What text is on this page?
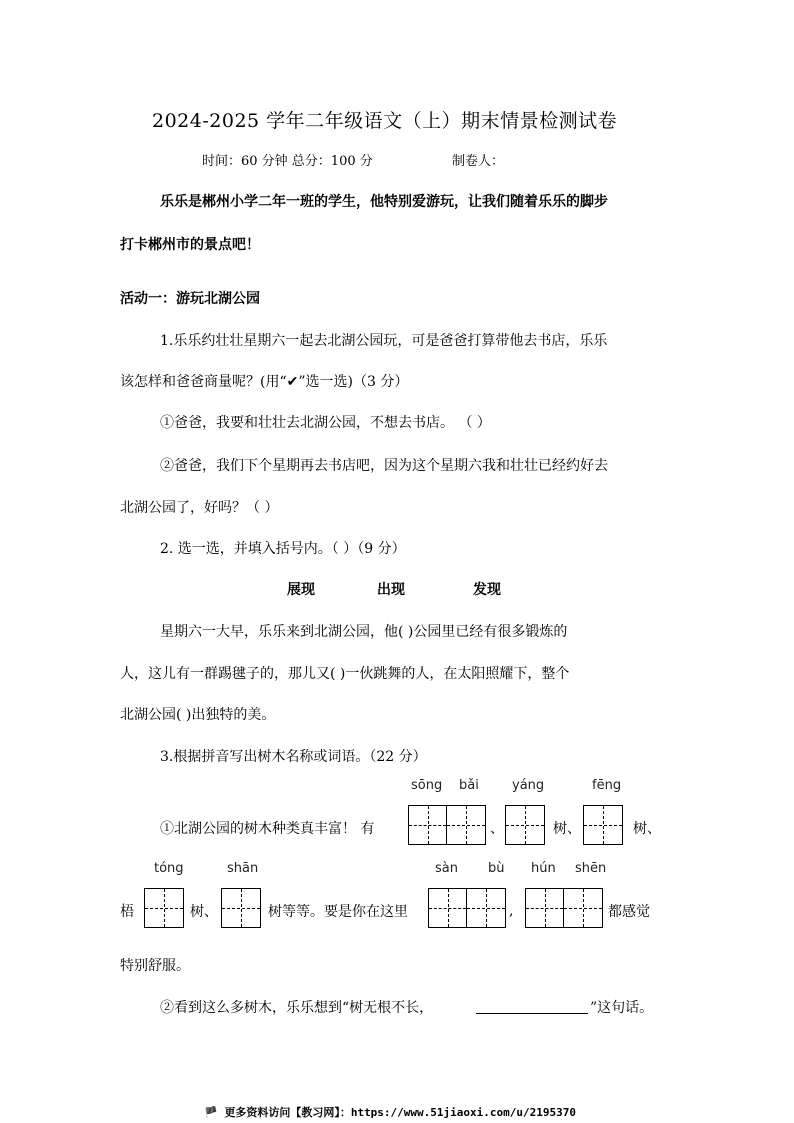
2024-2025 学年二年级语文（上）期末情景检测试卷
时间：60 分钟 总分：100 分	制卷人：
乐乐是郴州小学二年一班的学生，他特别爱游玩，让我们随着乐乐的脚步
打卡郴州市的景点吧！
活动一：游玩北湖公园
1.乐乐约壮壮星期六一起去北湖公园玩，可是爸爸打算带他去书店，乐乐
该怎样和爸爸商量呢？(用“✔”选一选)（3 分）
①爸爸，我要和壮壮去北湖公园，不想去书店。 （ ）
②爸爸，我们下个星期再去书店吧，因为这个星期六我和壮壮已经约好去
北湖公园了，好吗？（ ）
2. 选一选，并填入括号内。（ ）（9 分）
展现	出现	发现
星期六一大早，乐乐来到北湖公园，他( )公园里已经有很多锻炼的
人，这儿有一群踢毽子的，那儿又( )一伙跳舞的人，在太阳照耀下，整个
北湖公园( )出独特的美。
3.根据拼音写出树木名称或词语。（22 分）
sōng bǎi	yáng	fēng
①北湖公园的树木种类真丰富！ 有	、	树、	树、
tóng	shān	sàn bù hún shēn
梧	树、	树等等。要是你在这里	,	都感觉
特别舒服。
②看到这么多树木，乐乐想到“树无根不长，	”这句话。
🏴 更多资料访问【教习网】：https://www.51jiaoxi.com/u/2195370
